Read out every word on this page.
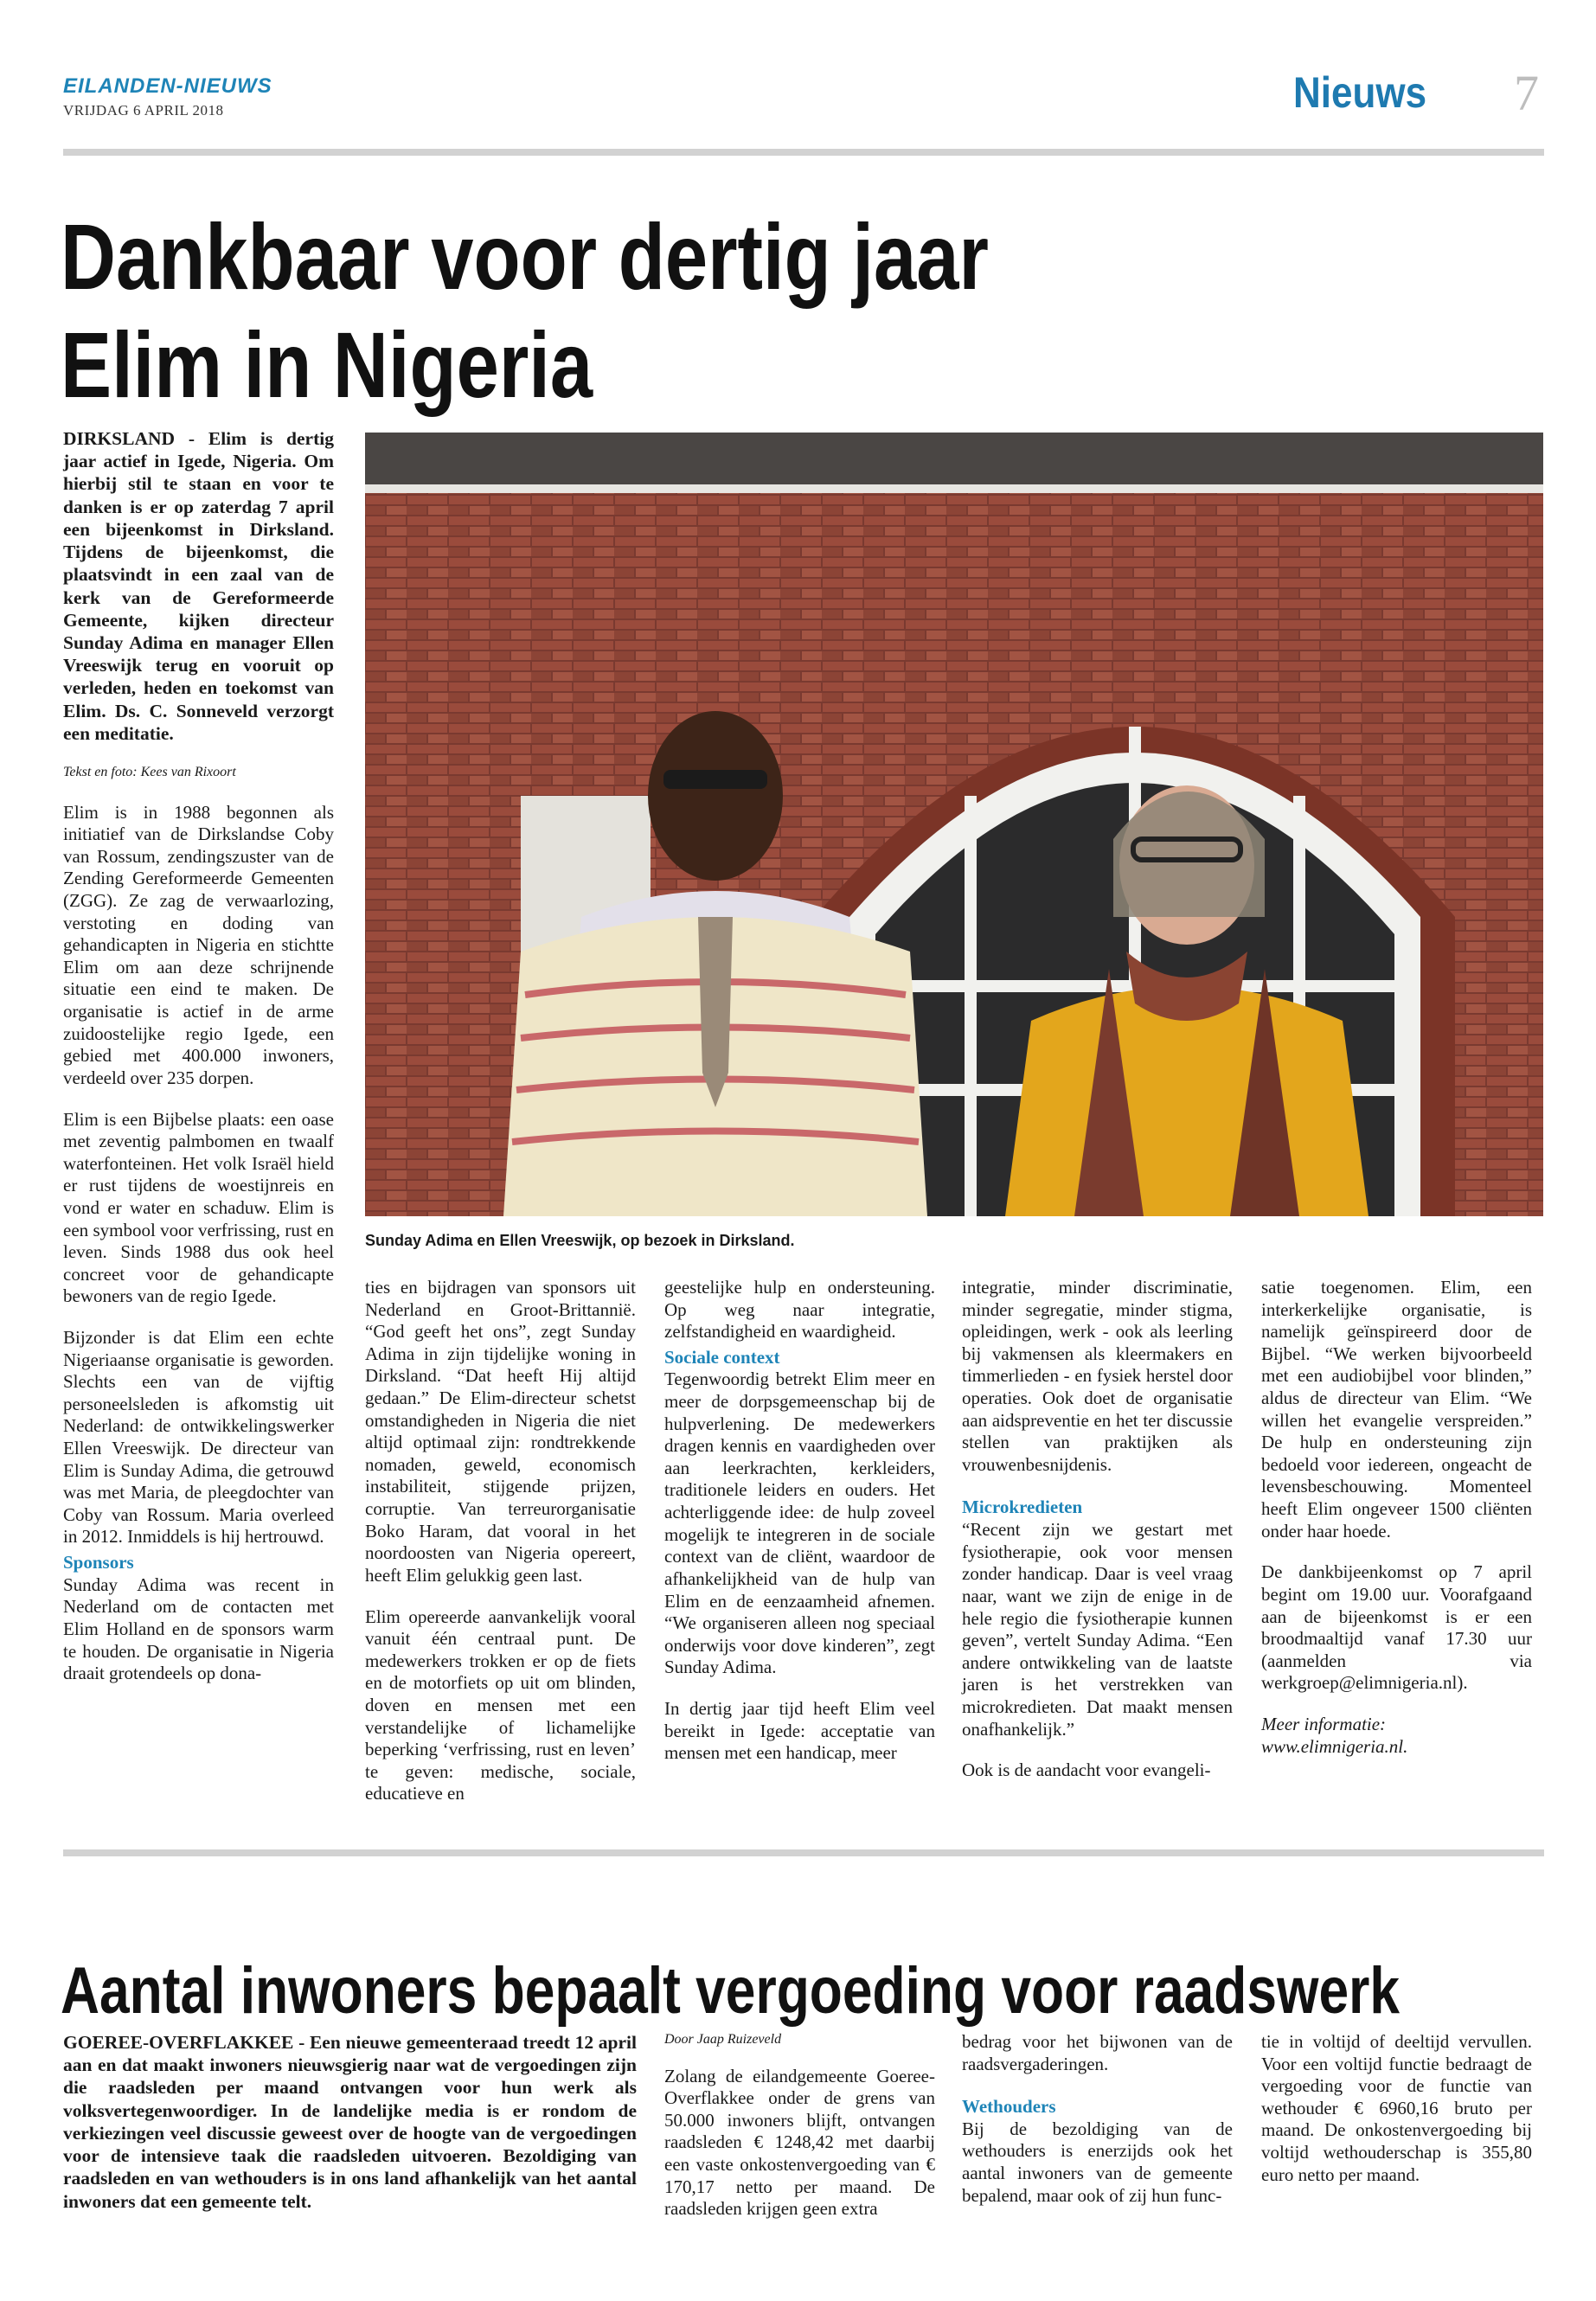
EILANDEN-NIEUWS
VRIJDAG 6 APRIL 2018	Nieuws 7
Dankbaar voor dertig jaar
Elim in Nigeria

DIRKSLAND - Elim is dertig jaar actief in Igede, Nigeria. Om hierbij stil te staan en voor te danken is er op zaterdag 7 april een bijeenkomst in Dirksland. Tijdens de bijeenkomst, die plaatsvindt in een zaal van de kerk van de Gereformeerde Gemeente, kijken directeur Sunday Adima en manager Ellen Vreeswijk terug en vooruit op verleden, heden en toekomst van Elim. Ds. C. Sonneveld verzorgt een meditatie.

Tekst en foto: Kees van Rixoort

Elim is in 1988 begonnen als initiatief van de Dirkslandse Coby van Rossum, zendingszuster van de Zending Gereformeerde Gemeenten (ZGG). Ze zag de verwaarlozing, verstoting en doding van gehandicapten in Nigeria en stichtte Elim om aan deze schrijnende situatie een eind te maken. De organisatie is actief in de arme zuidoostelijke regio Igede, een gebied met 400.000 inwoners, verdeeld over 235 dorpen.

Elim is een Bijbelse plaats: een oase met zeventig palmbomen en twaalf waterfonteinen. Het volk Israël hield er rust tijdens de woestijnreis en vond er water en schaduw. Elim is een symbool voor verfrissing, rust en leven. Sinds 1988 dus ook heel concreet voor de gehandicapte bewoners van de regio Igede.

Bijzonder is dat Elim een echte Nigeriaanse organisatie is geworden. Slechts een van de vijftig personeelsleden is afkomstig uit Nederland: de ontwikkelingswerker Ellen Vreeswijk. De directeur van Elim is Sunday Adima, die getrouwd was met Maria, de pleegdochter van Coby van Rossum. Maria overleed in 2012. Inmiddels is hij hertrouwd.

Sponsors

Sunday Adima was recent in Nederland om de contacten met Elim Holland en de sponsors warm te houden. De organisatie in Nigeria draait grotendeels op dona-

Sunday Adima en Ellen Vreeswijk, op bezoek in Dirksland.

ties en bijdragen van sponsors uit Nederland en Groot-Brittannië. “God geeft het ons”, zegt Sunday Adima in zijn tijdelijke woning in Dirksland. “Dat heeft Hij altijd gedaan.” De Elim-directeur schetst omstandigheden in Nigeria die niet altijd optimaal zijn: rondtrekkende nomaden, geweld, economisch instabiliteit, stijgende prijzen, corruptie. Van terreurorganisatie Boko Haram, dat vooral in het noordoosten van Nigeria opereert, heeft Elim gelukkig geen last.

Elim opereerde aanvankelijk vooral vanuit één centraal punt. De medewerkers trokken er op de fiets en de motorfiets op uit om blinden, doven en mensen met een verstandelijke of lichamelijke beperking ‘verfrissing, rust en leven’ te geven: medische, sociale, educatieve en

geestelijke hulp en ondersteuning. Op weg naar integratie, zelfstandigheid en waardigheid.

Sociale context

Tegenwoordig betrekt Elim meer en meer de dorpsgemeenschap bij de hulpverlening. De medewerkers dragen kennis en vaardigheden over aan leerkrachten, kerkleiders, traditionele leiders en ouders. Het achterliggende idee: de hulp zoveel mogelijk te integreren in de sociale context van de cliënt, waardoor de afhankelijkheid van de hulp van Elim en de eenzaamheid afnemen. “We organiseren alleen nog speciaal onderwijs voor dove kinderen”, zegt Sunday Adima.

In dertig jaar tijd heeft Elim veel bereikt in Igede: acceptatie van mensen met een handicap, meer

integratie, minder discriminatie, minder segregatie, minder stigma, opleidingen, werk - ook als leerling bij vakmensen als kleermakers en timmerlieden - en fysiek herstel door operaties. Ook doet de organisatie aan aidspreventie en het ter discussie stellen van praktijken als vrouwenbesnijdenis.

Microkredieten

“Recent zijn we gestart met fysiotherapie, ook voor mensen zonder handicap. Daar is veel vraag naar, want we zijn de enige in de hele regio die fysiotherapie kunnen geven”, vertelt Sunday Adima. “Een andere ontwikkeling van de laatste jaren is het verstrekken van microkredieten. Dat maakt mensen onafhankelijk.”

Ook is de aandacht voor evangeli-

satie toegenomen. Elim, een interkerkelijke organisatie, is namelijk geïnspireerd door de Bijbel. “We werken bijvoorbeeld met een audiobijbel voor blinden,” aldus de directeur van Elim. “We willen het evangelie verspreiden.” De hulp en ondersteuning zijn bedoeld voor iedereen, ongeacht de levensbeschouwing. Momenteel heeft Elim ongeveer 1500 cliënten onder haar hoede.

De dankbijeenkomst op 7 april begint om 19.00 uur. Voorafgaand aan de bijeenkomst is er een broodmaaltijd vanaf 17.30 uur (aanmelden via werkgroep@elimnigeria.nl).

Meer informatie:

www.elimnigeria.nl.

Aantal inwoners bepaalt vergoeding voor raadswerk

GOEREE-OVERFLAKKEE - Een nieuwe gemeenteraad treedt 12 april aan en dat maakt inwoners nieuwsgierig naar wat de vergoedingen zijn die raadsleden per maand ontvangen voor hun werk als volksvertegenwoordiger. In de landelijke media is er rondom de verkiezingen veel discussie geweest over de hoogte van de vergoedingen voor de intensieve taak die raadsleden uitvoeren. Bezoldiging van raadsleden en van wethouders is in ons land afhankelijk van het aantal inwoners dat een gemeente telt.

Door Jaap Ruizeveld

Zolang de eilandgemeente Goeree-Overflakkee onder de grens van 50.000 inwoners blijft, ontvangen raadsleden € 1248,42 met daarbij een vaste onkostenvergoeding van € 170,17 netto per maand. De raadsleden krijgen geen extra

bedrag voor het bijwonen van de raadsvergaderingen.

Wethouders

Bij de bezoldiging van de wethouders is enerzijds ook het aantal inwoners van de gemeente bepalend, maar ook of zij hun func-

tie in voltijd of deeltijd vervullen. Voor een voltijd functie bedraagt de vergoeding voor de functie van wethouder € 6960,16 bruto per maand. De onkostenvergoeding bij voltijd wethouderschap is 355,80 euro netto per maand.
